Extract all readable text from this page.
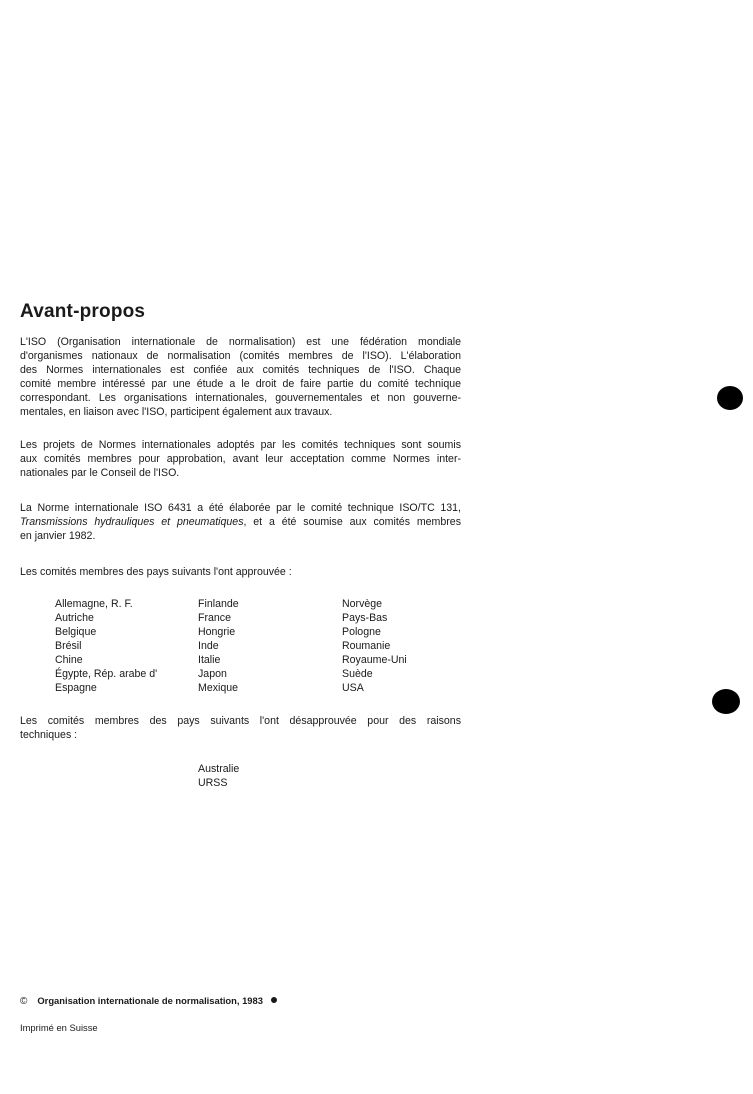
Avant-propos
L'ISO (Organisation internationale de normalisation) est une fédération mondiale
d'organismes nationaux de normalisation (comités membres de l'ISO). L'élaboration
des Normes internationales est confiée aux comités techniques de l'ISO. Chaque
comité membre intéressé par une étude a le droit de faire partie du comité technique
correspondant. Les organisations internationales, gouvernementales et non gouverne-
mentales, en liaison avec l'ISO, participent également aux travaux.
Les projets de Normes internationales adoptés par les comités techniques sont soumis
aux comités membres pour approbation, avant leur acceptation comme Normes inter-
nationales par le Conseil de l'ISO.
La Norme internationale ISO 6431 a été élaborée par le comité technique ISO/TC 131,
Transmissions hydrauliques et pneumatiques, et a été soumise aux comités membres
en janvier 1982.
Les comités membres des pays suivants l'ont approuvée :
Allemagne, R. F.
Autriche
Belgique
Brésil
Chine
Égypte, Rép. arabe d'
Espagne
Finlande
France
Hongrie
Inde
Italie
Japon
Mexique
Norvège
Pays-Bas
Pologne
Roumanie
Royaume-Uni
Suède
USA
Les comités membres des pays suivants l'ont désapprouvée pour des raisons
techniques :
Australie
URSS
© Organisation internationale de normalisation, 1983
Imprimé en Suisse
